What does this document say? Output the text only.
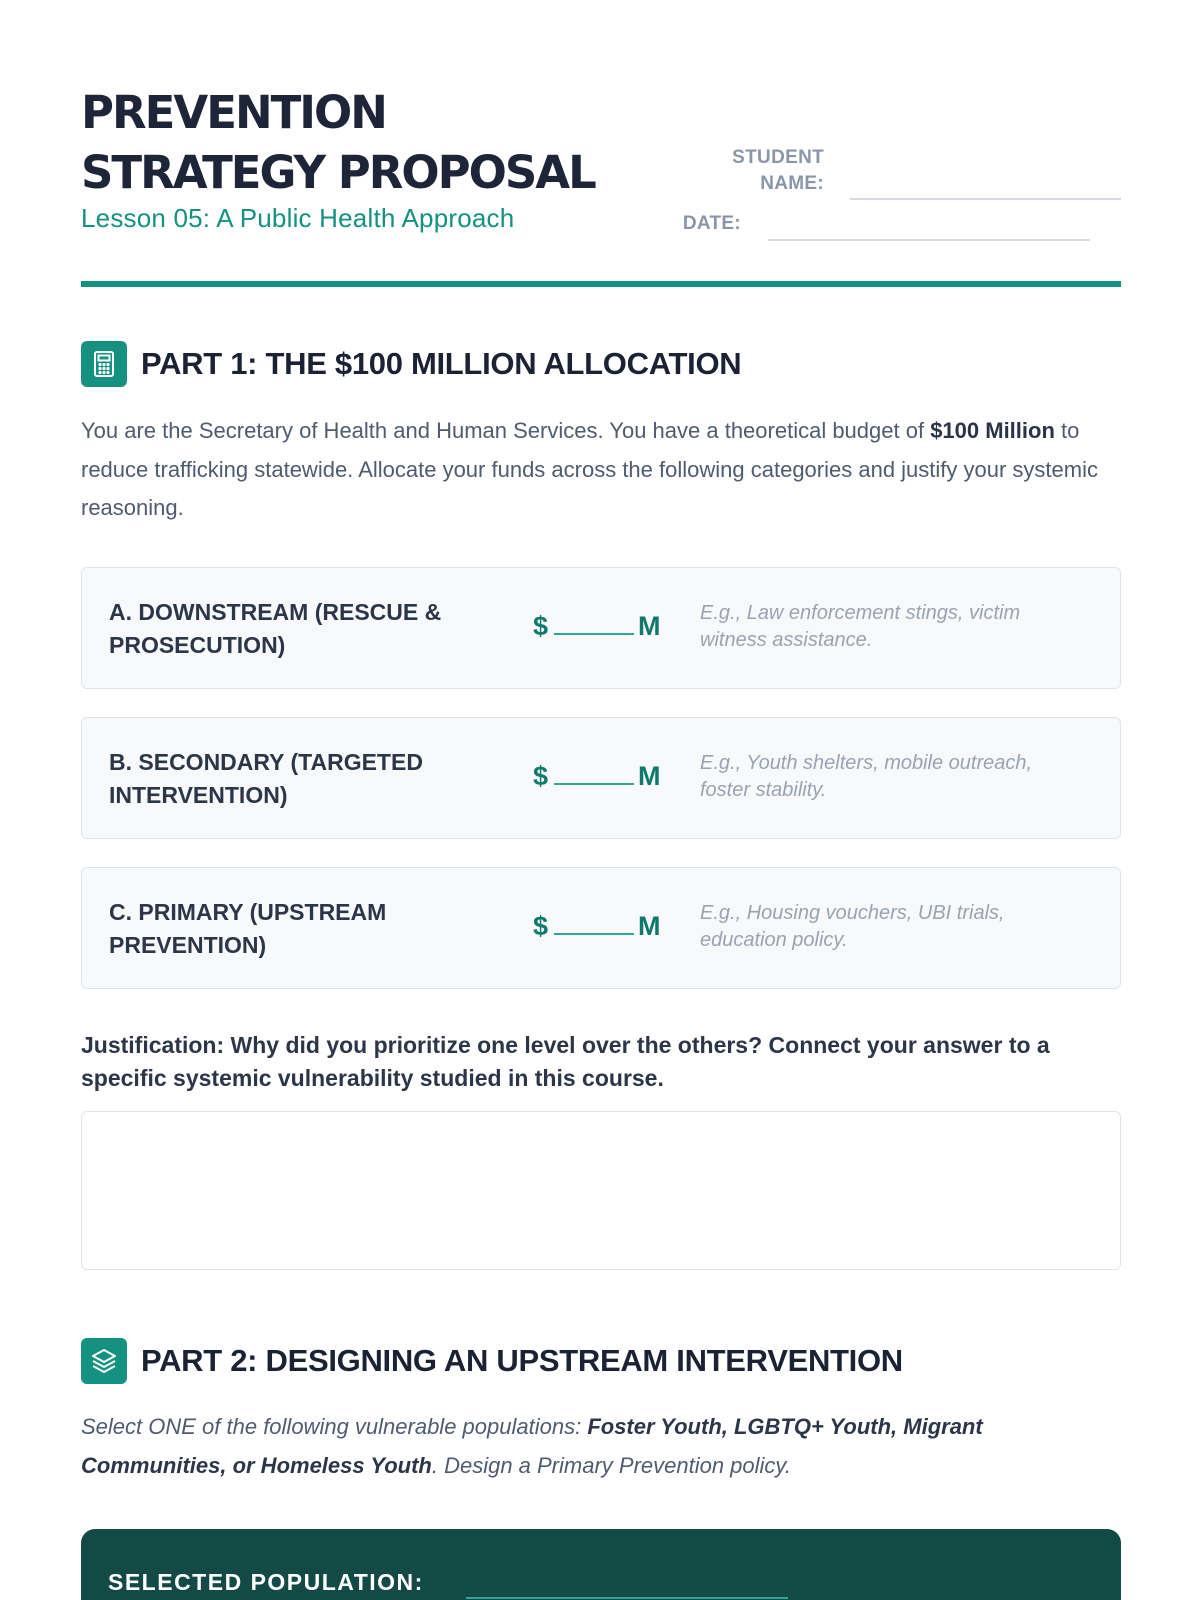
PREVENTION
STRATEGY PROPOSAL
Lesson 05: A Public Health Approach
STUDENT
NAME:
DATE:
PART 1: THE $100 MILLION ALLOCATION

You are the Secretary of Health and Human Services. You have a theoretical budget of $100 Million to reduce trafficking statewide. Allocate your funds across the following categories and justify your systemic reasoning.

A. DOWNSTREAM (RESCUE & PROSECUTION)
$	M E.g., Law enforcement stings, victim witness assistance.
B. SECONDARY (TARGETED INTERVENTION)
$	M E.g., Youth shelters, mobile outreach, foster stability.
C. PRIMARY (UPSTREAM PREVENTION)
$	M E.g., Housing vouchers, UBI trials, education policy.

Justification: Why did you prioritize one level over the others? Connect your answer to a specific systemic vulnerability studied in this course.

PART 2: DESIGNING AN UPSTREAM INTERVENTION

Select ONE of the following vulnerable populations: Foster Youth, LGBTQ+ Youth, Migrant Communities, or Homeless Youth. Design a Primary Prevention policy.

SELECTED POPULATION:
